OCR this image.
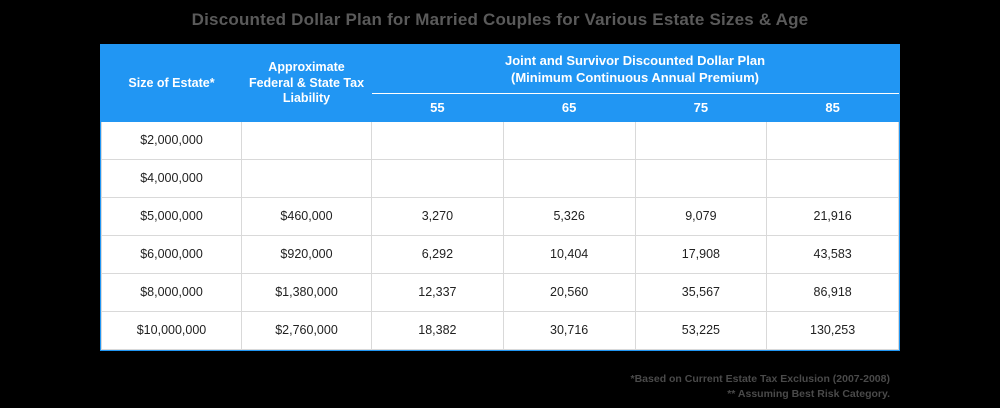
Discounted Dollar Plan for Married Couples for Various Estate Sizes & Age
Size of Estate*	Approximate Federal & State Tax Liability	Joint and Survivor Discounted Dollar Plan
(Minimum Continuous Annual Premium)			

		55	65	75	85
$2,000,000					
$4,000,000					
$5,000,000	$460,000	3,270	5,326	9,079	21,916
$6,000,000	$920,000	6,292	10,404	17,908	43,583
$8,000,000	$1,380,000	12,337	20,560	35,567	86,918
$10,000,000	$2,760,000	18,382	30,716	53,225	130,253
*Based on Current Estate Tax Exclusion (2007-2008)
** Assuming Best Risk Category.
